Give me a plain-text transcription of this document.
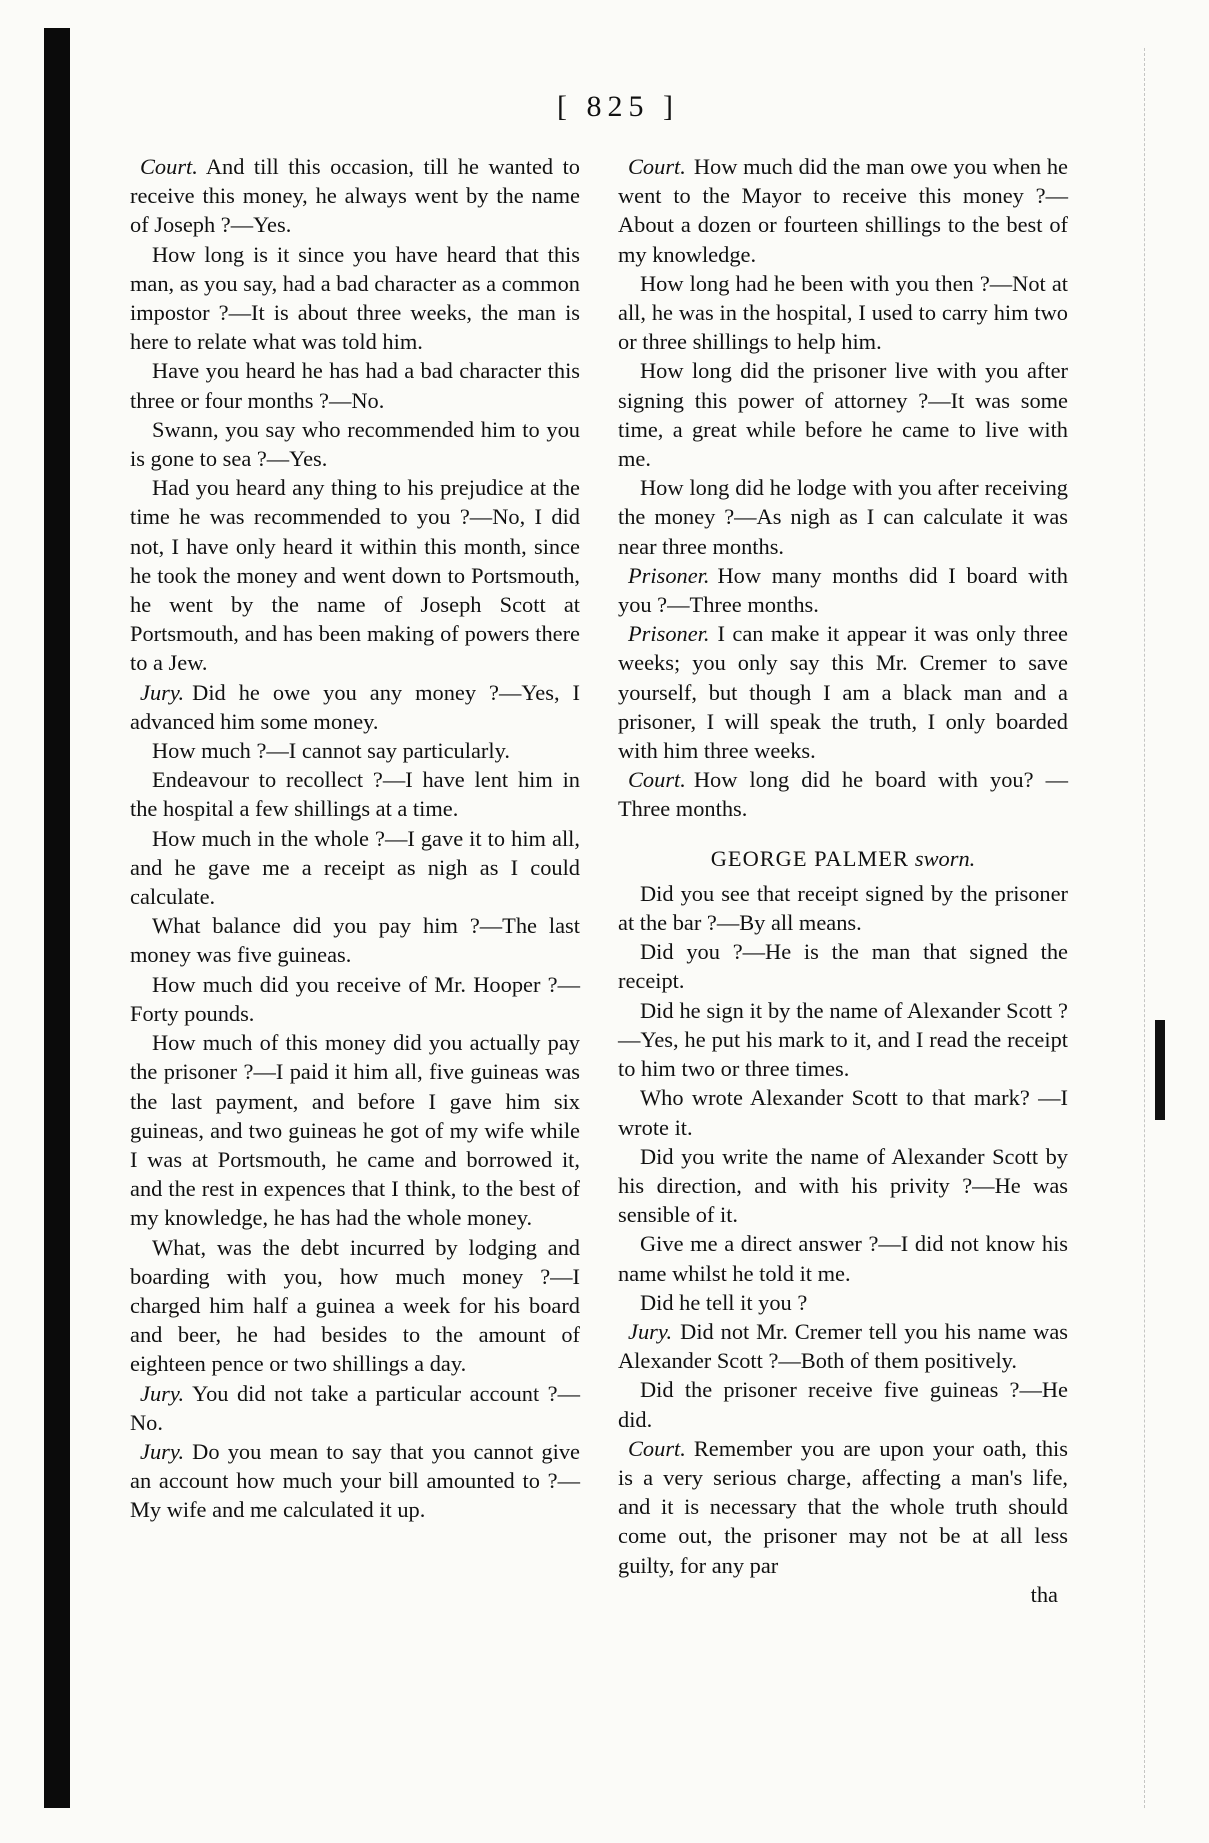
[ 825 ]

Court. And till this occasion, till he wanted to receive this money, he always went by the name of Joseph ?—Yes.

How long is it since you have heard that this man, as you say, had a bad character as a common impostor ?—It is about three weeks, the man is here to relate what was told him.

Have you heard he has had a bad character this three or four months ?—No.

Swann, you say who recommended him to you is gone to sea ?—Yes.

Had you heard any thing to his prejudice at the time he was recommended to you ?—No, I did not, I have only heard it within this month, since he took the money and went down to Portsmouth, he went by the name of Joseph Scott at Portsmouth, and has been making of powers there to a Jew.

Jury. Did he owe you any money ?—Yes, I advanced him some money.

How much ?—I cannot say particularly.

Endeavour to recollect ?—I have lent him in the hospital a few shillings at a time.

How much in the whole ?—I gave it to him all, and he gave me a receipt as nigh as I could calculate.

What balance did you pay him ?—The last money was five guineas.

How much did you receive of Mr. Hooper ?—Forty pounds.

How much of this money did you actually pay the prisoner ?—I paid it him all, five guineas was the last payment, and before I gave him six guineas, and two guineas he got of my wife while I was at Portsmouth, he came and borrowed it, and the rest in expences that I think, to the best of my knowledge, he has had the whole money.

What, was the debt incurred by lodging and boarding with you, how much money ?—I charged him half a guinea a week for his board and beer, he had besides to the amount of eighteen pence or two shillings a day.

Jury. You did not take a particular account ?—No.

Jury. Do you mean to say that you cannot give an account how much your bill amounted to ?—My wife and me calculated it up.

Court. How much did the man owe you when he went to the Mayor to receive this money ?—About a dozen or fourteen shillings to the best of my knowledge.

How long had he been with you then ?—Not at all, he was in the hospital, I used to carry him two or three shillings to help him.

How long did the prisoner live with you after signing this power of attorney ?—It was some time, a great while before he came to live with me.

How long did he lodge with you after receiving the money ?—As nigh as I can calculate it was near three months.

Prisoner. How many months did I board with you ?—Three months.

Prisoner. I can make it appear it was only three weeks; you only say this Mr. Cremer to save yourself, but though I am a black man and a prisoner, I will speak the truth, I only boarded with him three weeks.

Court. How long did he board with you? —Three months.

GEORGE PALMER sworn.

Did you see that receipt signed by the prisoner at the bar ?—By all means.

Did you ?—He is the man that signed the receipt.

Did he sign it by the name of Alexander Scott ?—Yes, he put his mark to it, and I read the receipt to him two or three times.

Who wrote Alexander Scott to that mark? —I wrote it.

Did you write the name of Alexander Scott by his direction, and with his privity ?—He was sensible of it.

Give me a direct answer ?—I did not know his name whilst he told it me.

Did he tell it you ?

Jury. Did not Mr. Cremer tell you his name was Alexander Scott ?—Both of them positively.

Did the prisoner receive five guineas ?—He did.

Court. Remember you are upon your oath, this is a very serious charge, affecting a man's life, and it is necessary that the whole truth should come out, the prisoner may not be at all less guilty, for any par

tha
